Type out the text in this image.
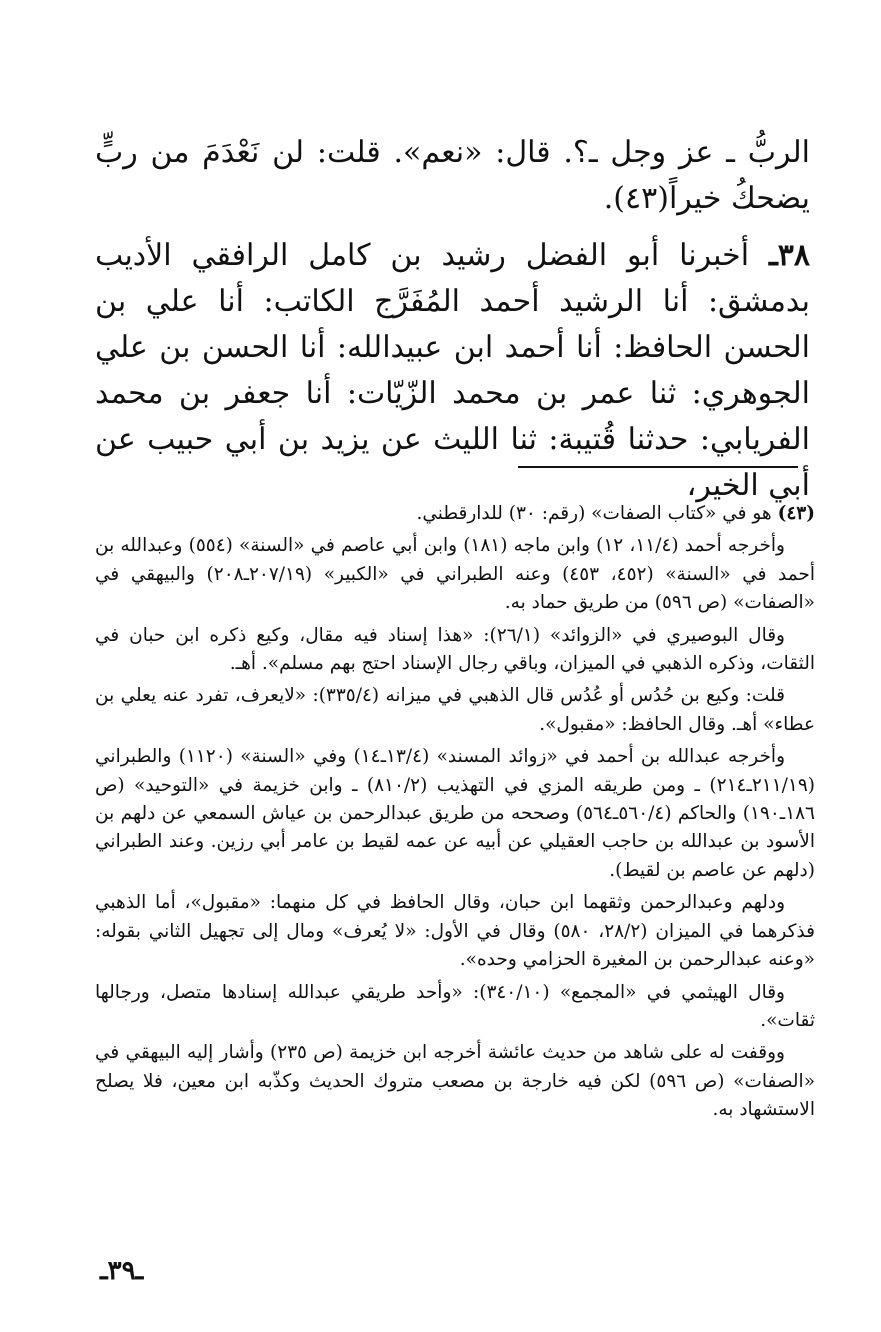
الربُّ ـ عز وجل ـ؟. قال: «نعم». قلت: لن نَعْدَمَ من ربٍّ يضحكُ خيراً(٤٣).
٣٨ـ أخبرنا أبو الفضل رشيد بن كامل الرافقي الأديب بدمشق: أنا الرشيد أحمد المُفَرَّج الكاتب: أنا علي بن الحسن الحافظ: أنا أحمد ابن عبيدالله: أنا الحسن بن علي الجوهري: ثنا عمر بن محمد الزّيّات: أنا جعفر بن محمد الفريابي: حدثنا قُتيبة: ثنا الليث عن يزيد بن أبي حبيب عن أبي الخير،

(٤٣) هو في «كتاب الصفات» (رقم: ٣٠) للدارقطني.

وأخرجه أحمد (١١/٤، ١٢) وابن ماجه (١٨١) وابن أبي عاصم في «السنة» (٥٥٤) وعبدالله بن أحمد في «السنة» (٤٥٢، ٤٥٣) وعنه الطبراني في «الكبير» (٢٠٧/١٩ـ٢٠٨) والبيهقي في «الصفات» (ص ٥٩٦) من طريق حماد به.

وقال البوصيري في «الزوائد» (٢٦/١): «هذا إسناد فيه مقال، وكيع ذكره ابن حبان في الثقات، وذكره الذهبي في الميزان، وباقي رجال الإسناد احتج بهم مسلم». أهـ.

قلت: وكيع بن حُدُس أو عُدُس قال الذهبي في ميزانه (٣٣٥/٤): «لايعرف، تفرد عنه يعلي بن عطاء» أهـ. وقال الحافظ: «مقبول».

وأخرجه عبدالله بن أحمد في «زوائد المسند» (١٣/٤ـ١٤) وفي «السنة» (١١٢٠) والطبراني (٢١١/١٩ـ٢١٤) ـ ومن طريقه المزي في التهذيب (٨١٠/٢) ـ وابن خزيمة في «التوحيد» (ص ١٨٦ـ١٩٠) والحاكم (٥٦٠/٤ـ٥٦٤) وصححه من طريق عبدالرحمن بن عياش السمعي عن دلهم بن الأسود بن عبدالله بن حاجب العقيلي عن أبيه عن عمه لقيط بن عامر أبي رزين. وعند الطبراني (دلهم عن عاصم بن لقيط).

ودلهم وعبدالرحمن وثقهما ابن حبان، وقال الحافظ في كل منهما: «مقبول»، أما الذهبي فذكرهما في الميزان (٢٨/٢، ٥٨٠) وقال في الأول: «لا يُعرف» ومال إلى تجهيل الثاني بقوله: «وعنه عبدالرحمن بن المغيرة الحزامي وحده».

وقال الهيثمي في «المجمع» (٣٤٠/١٠): «وأحد طريقي عبدالله إسنادها متصل، ورجالها ثقات».

ووقفت له على شاهد من حديث عائشة أخرجه ابن خزيمة (ص ٢٣٥) وأشار إليه البيهقي في «الصفات» (ص ٥٩٦) لكن فيه خارجة بن مصعب متروك الحديث وكذّبه ابن معين، فلا يصلح الاستشهاد به.

ـ٣٩ـ
